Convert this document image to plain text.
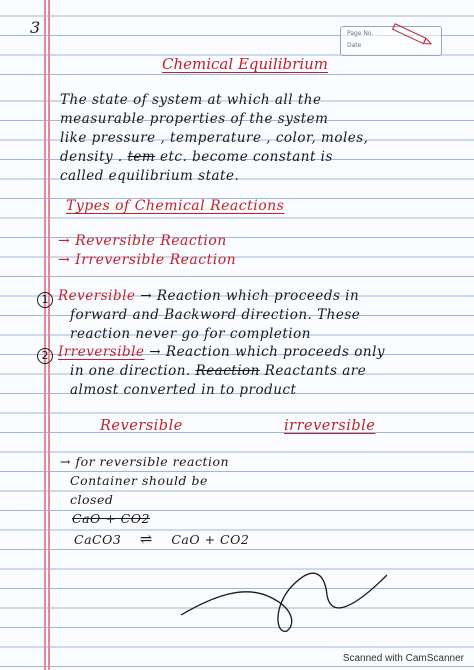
3	Page No.
Date
Chemical Equilibrium
The state of system at which all the
measurable properties of the system
like pressure , temperature , color, moles,
density . tem etc. become constant is
called equilibrium state.
Types of Chemical Reactions
→ Reversible Reaction
→ Irreversible Reaction
1 Reversible → Reaction which proceeds in
forward and Backword direction. These
reaction never go for completion
2 Irreversible → Reaction which proceeds only
in one direction. Reaction Reactants are
almost converted in to product
Reversible	irreversible
→ for reversible reaction
Container should be
closed
CaO + CO2
CaCO3 ⇌ CaO + CO2
Scanned with CamScanner
